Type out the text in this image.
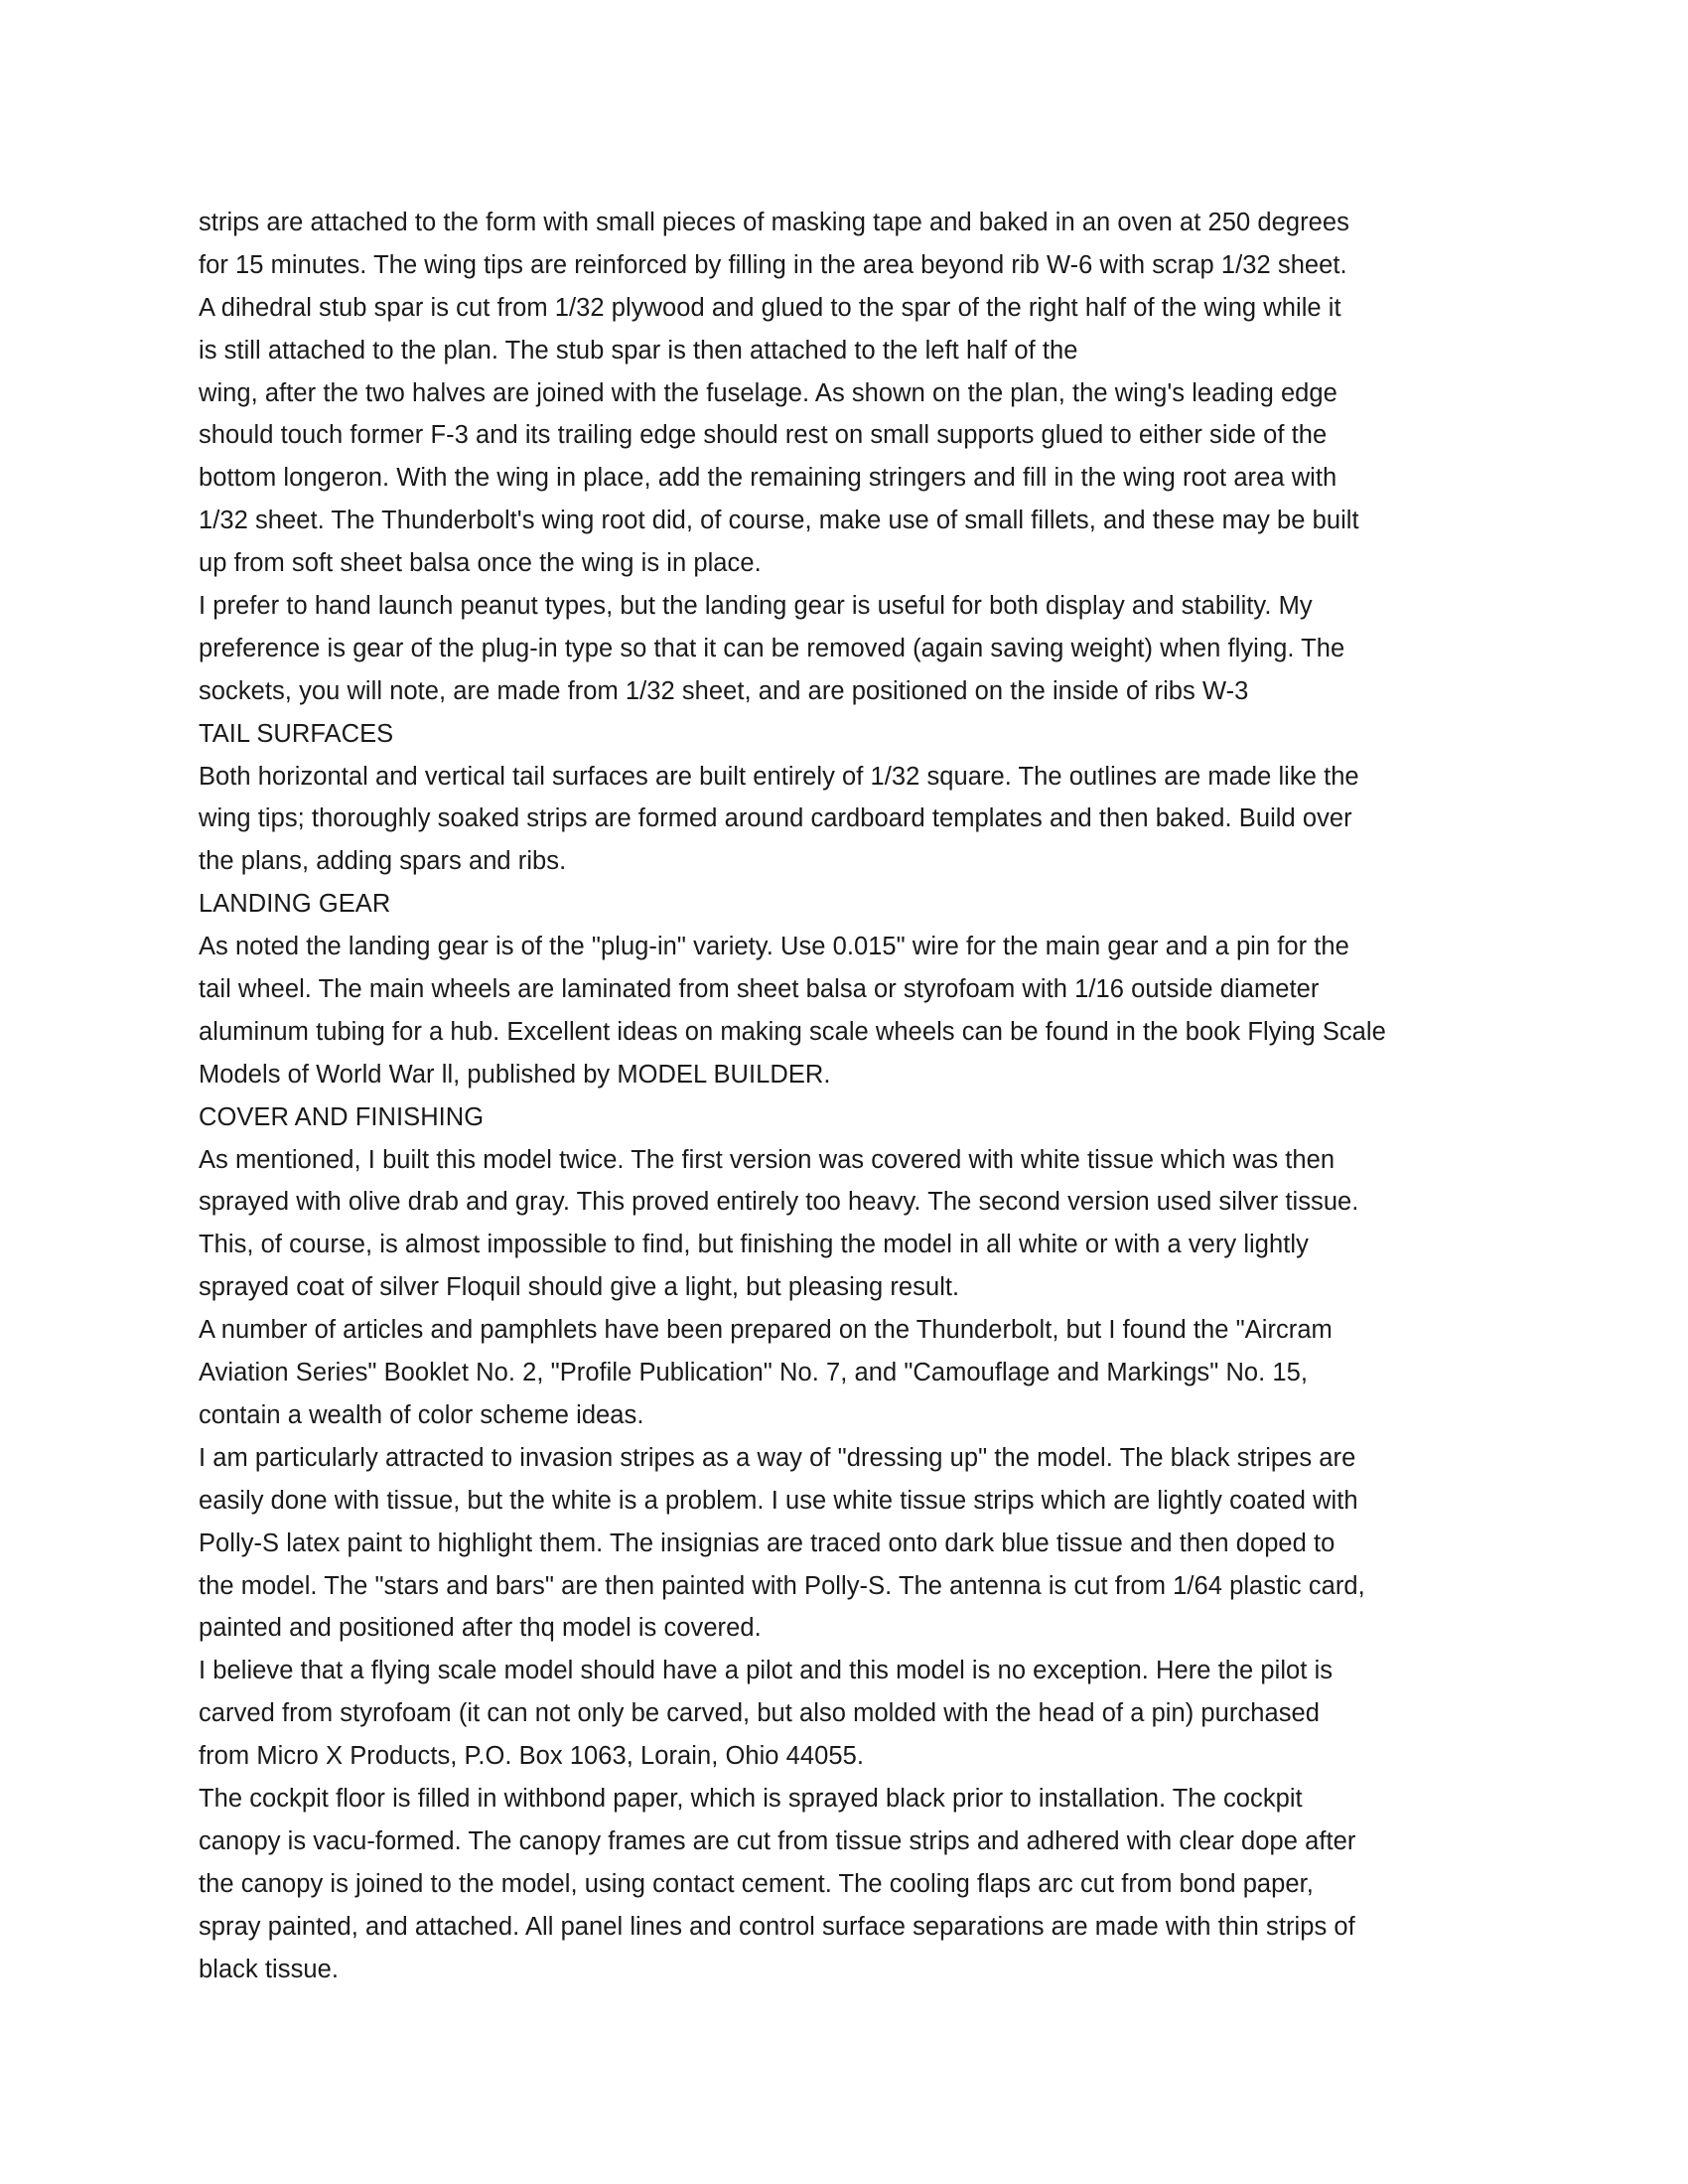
strips are attached to the form with small pieces of masking tape and baked in an oven at 250 degrees
for 15 minutes. The wing tips are reinforced by filling in the area beyond rib W-6 with scrap 1/32 sheet.
A dihedral stub spar is cut from 1/32 plywood and glued to the spar of the right half of the wing while it
is still attached to the plan. The stub spar is then attached to the left half of the
wing, after the two halves are joined with the fuselage. As shown on the plan, the wing's leading edge
should touch former F-3 and its trailing edge should rest on small supports glued to either side of the
bottom longeron. With the wing in place, add the remaining stringers and fill in the wing root area with
1/32 sheet. The Thunderbolt's wing root did, of course, make use of small fillets, and these may be built
up from soft sheet balsa once the wing is in place.
I prefer to hand launch peanut types, but the landing gear is useful for both display and stability. My
preference is gear of the plug-in type so that it can be removed (again saving weight) when flying. The
sockets, you will note, are made from 1/32 sheet, and are positioned on the inside of ribs W-3
TAIL SURFACES
Both horizontal and vertical tail surfaces are built entirely of 1/32 square. The outlines are made like the
wing tips; thoroughly soaked strips are formed around cardboard templates and then baked. Build over
the plans, adding spars and ribs.
LANDING GEAR
As noted the landing gear is of the "plug-in" variety. Use 0.015" wire for the main gear and a pin for the
tail wheel. The main wheels are laminated from sheet balsa or styrofoam with 1/16 outside diameter
aluminum tubing for a hub. Excellent ideas on making scale wheels can be found in the book Flying Scale
Models of World War ll, published by MODEL BUILDER.
COVER AND FINISHING
As mentioned, I built this model twice. The first version was covered with white tissue which was then
sprayed with olive drab and gray. This proved entirely too heavy. The second version used silver tissue.
This, of course, is almost impossible to find, but finishing the model in all white or with a very lightly
sprayed coat of silver Floquil should give a light, but pleasing result.
A number of articles and pamphlets have been prepared on the Thunderbolt, but I found the "Aircram
Aviation Series" Booklet No. 2, "Profile Publication" No. 7, and "Camouflage and Markings" No. 15,
contain a wealth of color scheme ideas.
I am particularly attracted to invasion stripes as a way of "dressing up" the model. The black stripes are
easily done with tissue, but the white is a problem. I use white tissue strips which are lightly coated with
Polly-S latex paint to highlight them. The insignias are traced onto dark blue tissue and then doped to
the model. The "stars and bars" are then painted with Polly-S. The antenna is cut from 1/64 plastic card,
painted and positioned after thq model is covered.
I believe that a flying scale model should have a pilot and this model is no exception. Here the pilot is
carved from styrofoam (it can not only be carved, but also molded with the head of a pin) purchased
from Micro X Products, P.O. Box 1063, Lorain, Ohio 44055.
The cockpit floor is filled in withbond paper, which is sprayed black prior to installation. The cockpit
canopy is vacu-formed. The canopy frames are cut from tissue strips and adhered with clear dope after
the canopy is joined to the model, using contact cement. The cooling flaps arc cut from bond paper,
spray painted, and attached. All panel lines and control surface separations are made with thin strips of
black tissue.
